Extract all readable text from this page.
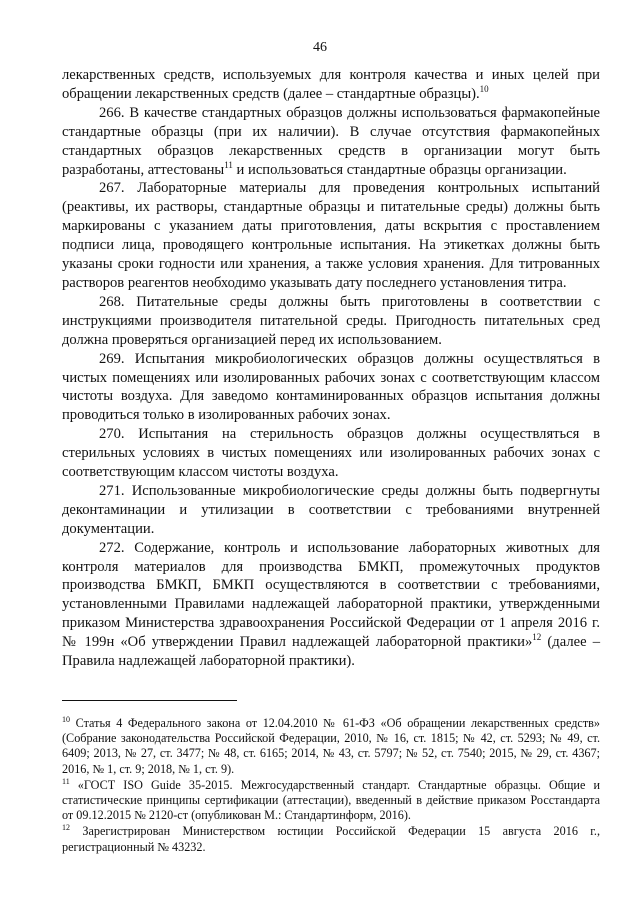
46

лекарственных средств, используемых для контроля качества и иных целей при обращении лекарственных средств (далее – стандартные образцы).$^{10}$

266. В качестве стандартных образцов должны использоваться фармакопейные стандартные образцы (при их наличии). В случае отсутствия фармакопейных стандартных образцов лекарственных средств в организации могут быть разработаны, аттестованы$^{11}$ и использоваться стандартные образцы организации.

267. Лабораторные материалы для проведения контрольных испытаний (реактивы, их растворы, стандартные образцы и питательные среды) должны быть маркированы с указанием даты приготовления, даты вскрытия с проставлением подписи лица, проводящего контрольные испытания. На этикетках должны быть указаны сроки годности или хранения, а также условия хранения. Для титрованных растворов реагентов необходимо указывать дату последнего установления титра.

268. Питательные среды должны быть приготовлены в соответствии с инструкциями производителя питательной среды. Пригодность питательных сред должна проверяться организацией перед их использованием.

269. Испытания микробиологических образцов должны осуществляться в чистых помещениях или изолированных рабочих зонах с соответствующим классом чистоты воздуха. Для заведомо контаминированных образцов испытания должны проводиться только в изолированных рабочих зонах.

270. Испытания на стерильность образцов должны осуществляться в стерильных условиях в чистых помещениях или изолированных рабочих зонах с соответствующим классом чистоты воздуха.

271. Использованные микробиологические среды должны быть подвергнуты деконтаминации и утилизации в соответствии с требованиями внутренней документации.

272. Содержание, контроль и использование лабораторных животных для контроля материалов для производства БМКП, промежуточных продуктов производства БМКП, БМКП осуществляются в соответствии с требованиями, установленными Правилами надлежащей лабораторной практики, утвержденными приказом Министерства здравоохранения Российской Федерации от 1 апреля 2016 г. № 199н «Об утверждении Правил надлежащей лабораторной практики»$^{12}$ (далее – Правила надлежащей лабораторной практики).

$^{10}$ Статья 4 Федерального закона от 12.04.2010 № 61-ФЗ «Об обращении лекарственных средств» (Собрание законодательства Российской Федерации, 2010, № 16, ст. 1815; № 42, ст. 5293; № 49, ст. 6409; 2013, № 27, ст. 3477; № 48, ст. 6165; 2014, № 43, ст. 5797; № 52, ст. 7540; 2015, № 29, ст. 4367; 2016, № 1, ст. 9; 2018, № 1, ст. 9).

$^{11}$ «ГОСТ ISO Guide 35-2015. Межгосударственный стандарт. Стандартные образцы. Общие и статистические принципы сертификации (аттестации), введенный в действие приказом Росстандарта от 09.12.2015 № 2120-ст (опубликован М.: Стандартинформ, 2016).

$^{12}$ Зарегистрирован Министерством юстиции Российской Федерации 15 августа 2016 г., регистрационный № 43232.
